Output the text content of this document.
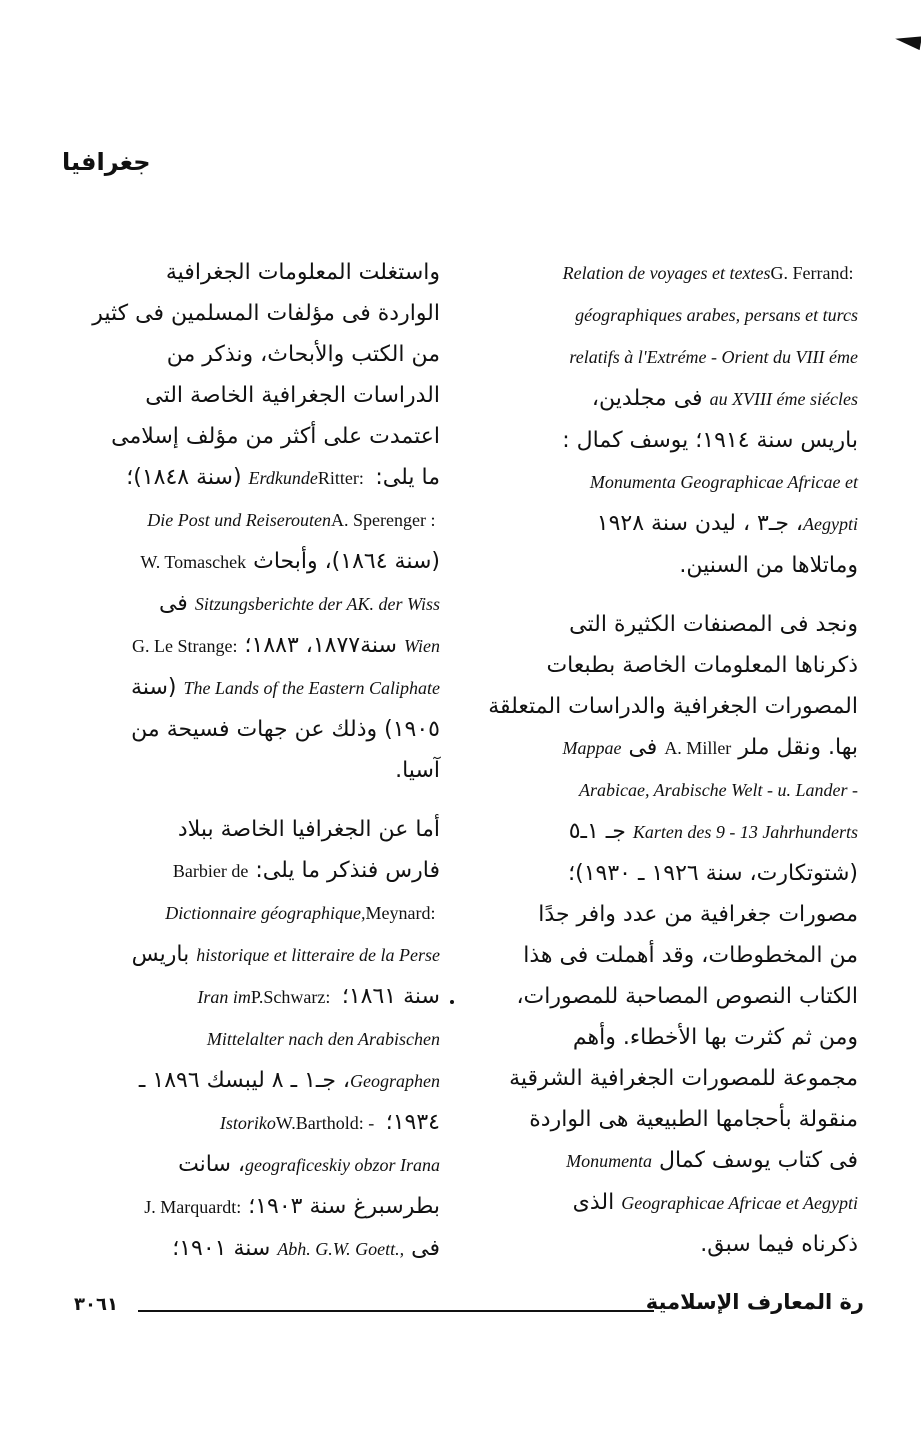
جغرافيا

واستغلت المعلومات الجغرافية

الواردة فى مؤلفات المسلمين فى كثير

من الكتب والأبحاث، ونذكر من

الدراسات الجغرافية الخاصة التى

اعتمدت على أكثر من مؤلف إسلامى

ما يلى: Ritter: Erdkunde (سنة ١٨٤٨)؛

A. Sperenger : Die Post und Reiserouten

(سنة ١٨٦٤)، وأبحاث W. Tomaschek

Sitzungsberichte der AK. der Wiss فى

Wien سنة١٨٧٧، ١٨٨٣؛ G. Le Strange:

The Lands of the Eastern Caliphate (سنة

١٩٠٥) وذلك عن جهات فسيحة من

آسيا.

أما عن الجغرافيا الخاصة ببلاد

فارس فنذكر ما يلى: Barbier de

Meynard: Dictionnaire géographique,

historique et litteraire de la Perse باريس

سنة ١٨٦١؛ P.Schwarz: Iran im

Mittelalter nach den Arabischen

Geographen، جـ١ ـ ٨ ليبسك ١٨٩٦ ـ

١٩٣٤؛ W.Barthold: - Istoriko

geograficeskiy obzor Irana، سانت

بطرسبرغ سنة ١٩٠٣؛ J. Marquardt:

فى Abh. G.W. Goett., سنة ١٩٠١؛

G. Ferrand: Relation de voyages et textes

géographiques arabes, persans et turcs

relatifs à l'Extréme - Orient du VIII éme

au XVIII éme siécles فى مجلدين،

باريس سنة ١٩١٤؛ يوسف كمال :

Monumenta Geographicae Africae et

Aegypti، جـ٣ ، ليدن سنة ١٩٢٨

وماتلاها من السنين.

ونجد فى المصنفات الكثيرة التى

ذكرناها المعلومات الخاصة بطبعات

المصورات الجغرافية والدراسات المتعلقة

بها. ونقل ملر A. Miller فى Mappae

Arabicae, Arabische Welt - u. Lander -

Karten des 9 - 13 Jahrhunderts جـ ١ـ٥

(شتوتكارت، سنة ١٩٢٦ ـ ١٩٣٠)؛

مصورات جغرافية من عدد وافر جدًا

من المخطوطات، وقد أهملت فى هذا

الكتاب النصوص المصاحبة للمصورات،

ومن ثم كثرت بها الأخطاء. وأهم

مجموعة للمصورات الجغرافية الشرقية

منقولة بأحجامها الطبيعية هى الواردة

فى كتاب يوسف كمال Monumenta

Geographicae Africae et Aegypti الذى

ذكرناه فيما سبق.

٣٠٦١	رة المعارف الإسلامية
